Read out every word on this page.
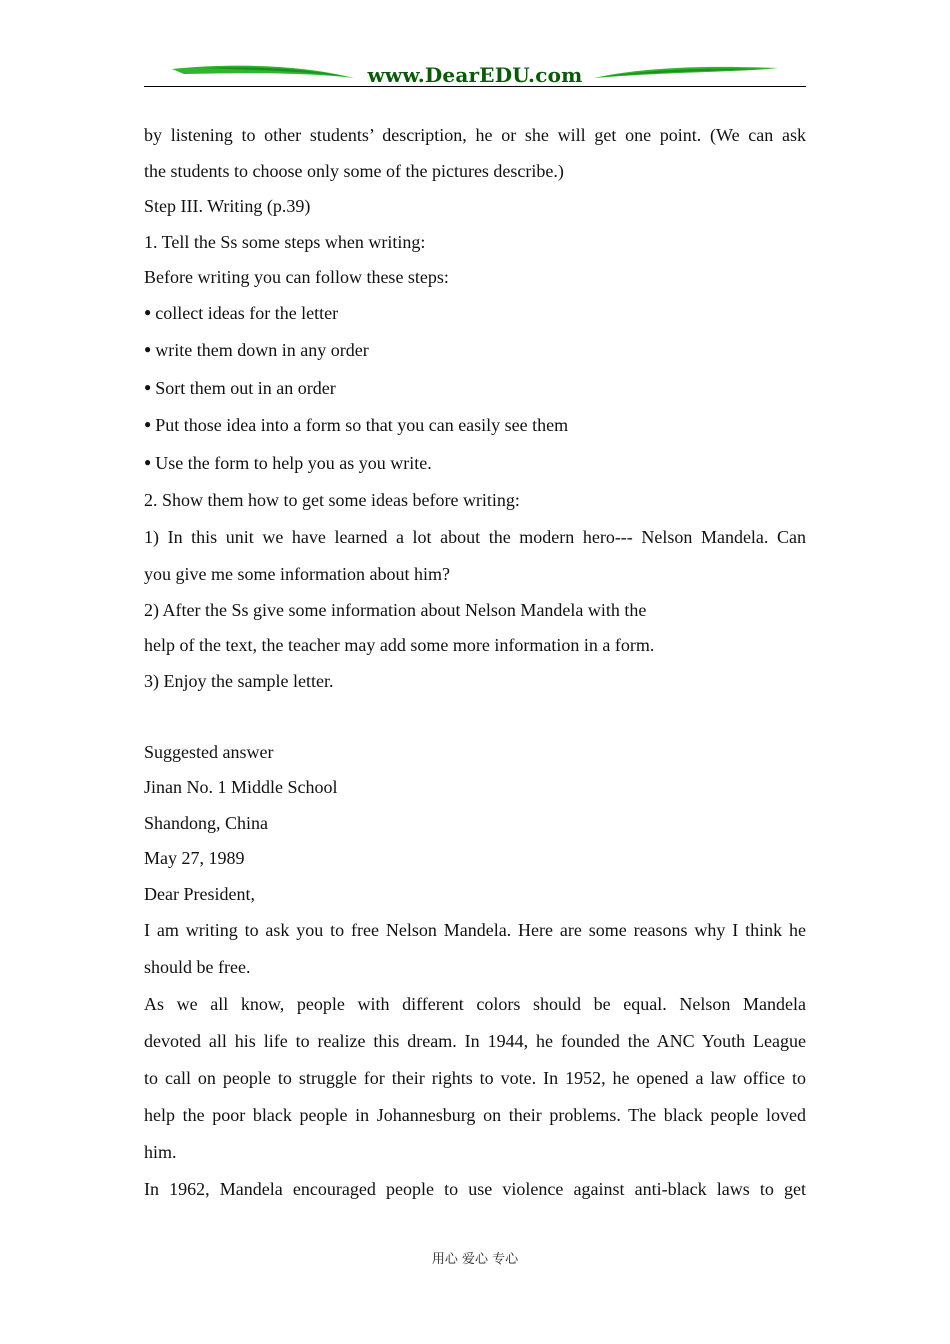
www.DearEDU.com

by listening to other students’ description, he or she will get one point. (We can ask

the students to choose only some of the pictures describe.)

Step III. Writing (p.39)

1. Tell the Ss some steps when writing:

Before writing you can follow these steps:

● collect ideas for the letter

● write them down in any order

● Sort them out in an order

● Put those idea into a form so that you can easily see them

● Use the form to help you as you write.

2. Show them how to get some ideas before writing:

1) In this unit we have learned a lot about the modern hero--- Nelson Mandela. Can

you give me some information about him?

2) After the Ss give some information about Nelson Mandela with the

help of the text, the teacher may add some more information in a form.

3) Enjoy the sample letter.

Suggested answer

Jinan No. 1 Middle School

Shandong, China

May 27, 1989

Dear President,

I am writing to ask you to free Nelson Mandela. Here are some reasons why I think he

should be free.

As we all know, people with different colors should be equal. Nelson Mandela

devoted all his life to realize this dream. In 1944, he founded the ANC Youth League

to call on people to struggle for their rights to vote. In 1952, he opened a law office to

help the poor black people in Johannesburg on their problems. The black people loved

him.

In 1962, Mandela encouraged people to use violence against anti-black laws to get

用心 爱心 专心
